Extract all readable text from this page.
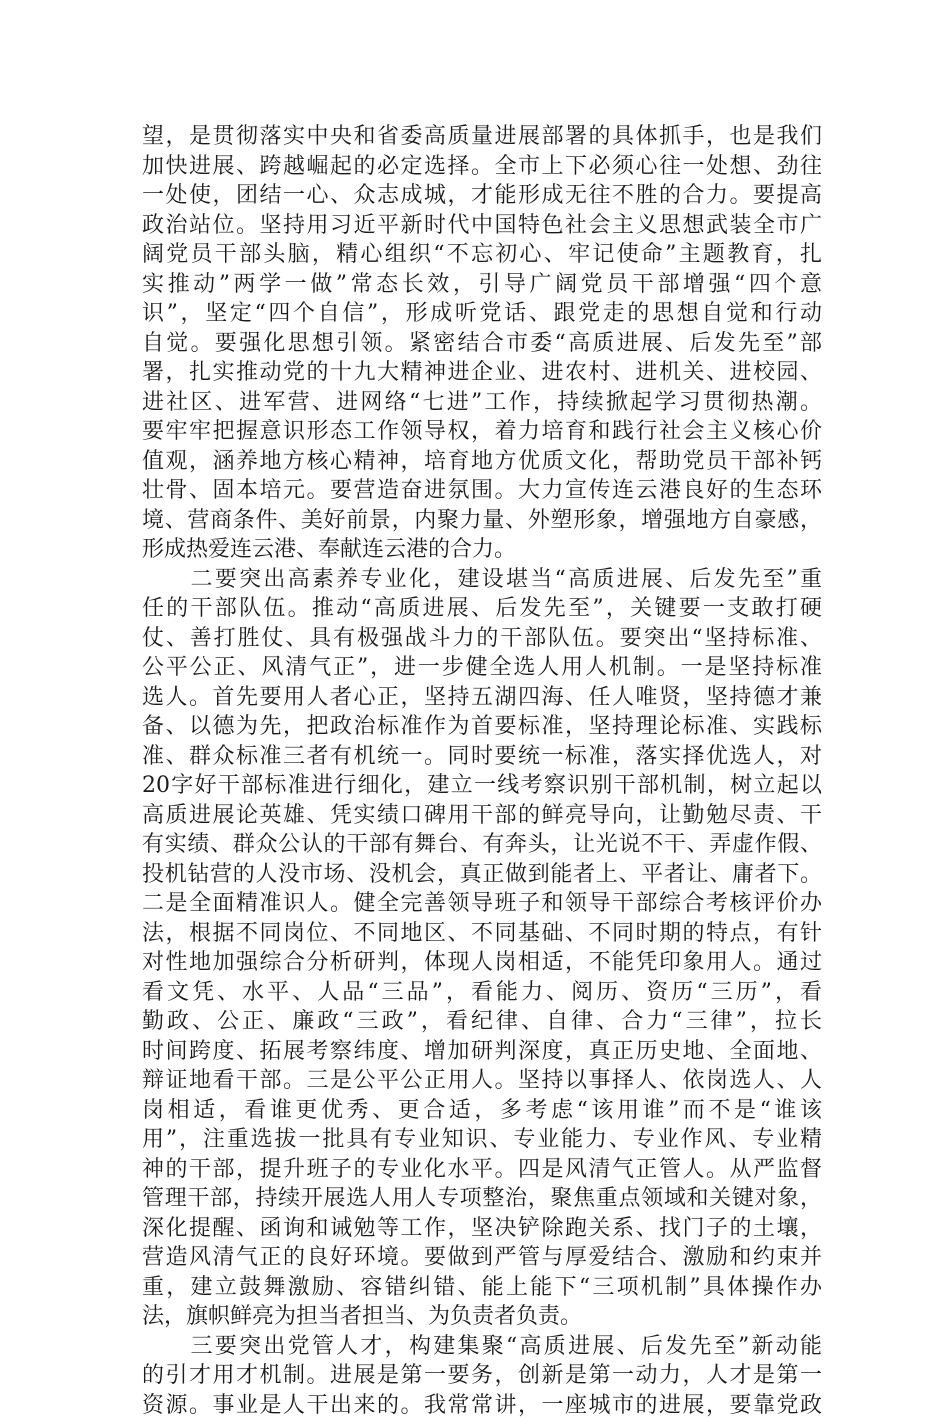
望，是贯彻落实中央和省委高质量进展部署的具体抓手，也是我们
加快进展、跨越崛起的必定选择。全市上下必须心往一处想、劲往
一处使，团结一心、众志成城，才能形成无往不胜的合力。要提高
政治站位。坚持用习近平新时代中国特色社会主义思想武装全市广
阔党员干部头脑，精心组织“不忘初心、牢记使命”主题教育，扎
实推动”两学一做”常态长效，引导广阔党员干部增强“四个意
识”，坚定“四个自信”，形成听党话、跟党走的思想自觉和行动
自觉。要强化思想引领。紧密结合市委“高质进展、后发先至”部
署，扎实推动党的十九大精神进企业、进农村、进机关、进校园、
进社区、进军营、进网络“七进”工作，持续掀起学习贯彻热潮。
要牢牢把握意识形态工作领导权，着力培育和践行社会主义核心价
值观，涵养地方核心精神，培育地方优质文化，帮助党员干部补钙
壮骨、固本培元。要营造奋进氛围。大力宣传连云港良好的生态环
境、营商条件、美好前景，内聚力量、外塑形象，增强地方自豪感，
形成热爱连云港、奉献连云港的合力。
　　二要突出高素养专业化，建设堪当“高质进展、后发先至”重
任的干部队伍。推动“高质进展、后发先至”，关键要一支敢打硬
仗、善打胜仗、具有极强战斗力的干部队伍。要突出“坚持标准、
公平公正、风清气正”，进一步健全选人用人机制。一是坚持标准
选人。首先要用人者心正，坚持五湖四海、任人唯贤，坚持德才兼
备、以德为先，把政治标准作为首要标准，坚持理论标准、实践标
准、群众标准三者有机统一。同时要统一标准，落实择优选人，对
20字好干部标准进行细化，建立一线考察识别干部机制，树立起以
高质进展论英雄、凭实绩口碑用干部的鲜亮导向，让勤勉尽责、干
有实绩、群众公认的干部有舞台、有奔头，让光说不干、弄虚作假、
投机钻营的人没市场、没机会，真正做到能者上、平者让、庸者下。
二是全面精准识人。健全完善领导班子和领导干部综合考核评价办
法，根据不同岗位、不同地区、不同基础、不同时期的特点，有针
对性地加强综合分析研判，体现人岗相适，不能凭印象用人。通过
看文凭、水平、人品“三品”，看能力、阅历、资历“三历”，看
勤政、公正、廉政“三政”，看纪律、自律、合力“三律”，拉长
时间跨度、拓展考察纬度、增加研判深度，真正历史地、全面地、
辩证地看干部。三是公平公正用人。坚持以事择人、依岗选人、人
岗相适，看谁更优秀、更合适，多考虑“该用谁”而不是“谁该
用”，注重选拔一批具有专业知识、专业能力、专业作风、专业精
神的干部，提升班子的专业化水平。四是风清气正管人。从严监督
管理干部，持续开展选人用人专项整治，聚焦重点领域和关键对象，
深化提醒、函询和诫勉等工作，坚决铲除跑关系、找门子的土壤，
营造风清气正的良好环境。要做到严管与厚爱结合、激励和约束并
重，建立鼓舞激励、容错纠错、能上能下“三项机制”具体操作办
法，旗帜鲜亮为担当者担当、为负责者负责。
　　三要突出党管人才，构建集聚“高质进展、后发先至”新动能
的引才用才机制。进展是第一要务，创新是第一动力，人才是第一
资源。事业是人干出来的。我常常讲，一座城市的进展，要靠党政
